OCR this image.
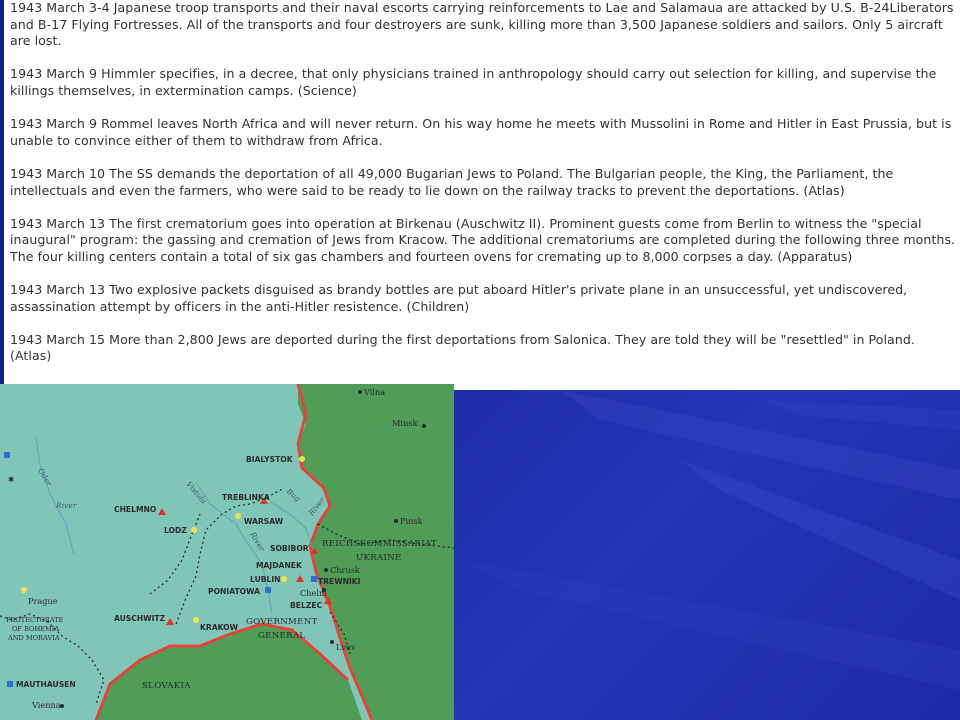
1943 March 3-4 Japanese troop transports and their naval escorts carrying reinforcements to Lae and Salamaua are attacked by U.S. B-24Liberators and B-17 Flying Fortresses. All of the transports and four destroyers are sunk, killing more than 3,500 Japanese soldiers and sailors. Only 5 aircraft are lost.

1943 March 9 Himmler specifies, in a decree, that only physicians trained in anthropology should carry out selection for killing, and supervise the killings themselves, in extermination camps. (Science)

1943 March 9 Rommel leaves North Africa and will never return. On his way home he meets with Mussolini in Rome and Hitler in East Prussia, but is unable to convince either of them to withdraw from Africa.

1943 March 10 The SS demands the deportation of all 49,000 Bugarian Jews to Poland. The Bulgarian people, the King, the Parliament, the intellectuals and even the farmers, who were said to be ready to lie down on the railway tracks to prevent the deportations. (Atlas)

1943 March 13 The first crematorium goes into operation at Birkenau (Auschwitz II). Prominent guests come from Berlin to witness the "special inaugural" program: the gassing and cremation of Jews from Kracow. The additional crematoriums are completed during the following three months. The four killing centers contain a total of six gas chambers and fourteen ovens for cremating up to 8,000 corpses a day. (Apparatus)

1943 March 13 Two explosive packets disguised as brandy bottles are put aboard Hitler's private plane in an unsuccessful, yet undiscovered, assassination attempt by officers in the anti-Hitler resistence. (Children)

1943 March 15 More than 2,800 Jews are deported during the first deportations from Salonica. They are told they will be "resettled" in Poland. (Atlas)

REICHSKOMMISSARIAT
UKRAINE
GOVERNMENT
GENERAL
PROTECTORATE
OF BOHEMIA
AND MORAVIA
SLOVAKIA
Oder
River	Vistula
River
Bug
River
Vilna
Minsk
Pinsk
BIALYSTOK
TREBLINKA
CHELMNO
WARSAW
LODZ
SOBIBOR
MAJDANEK
LUBLIN	TREWNIKI
Chrusk
PONIATOWA	Chelm
BELZEC
Prague
AUSCHWITZ
KRAKOW
Lvov
MAUTHAUSEN
Vienna
✱
